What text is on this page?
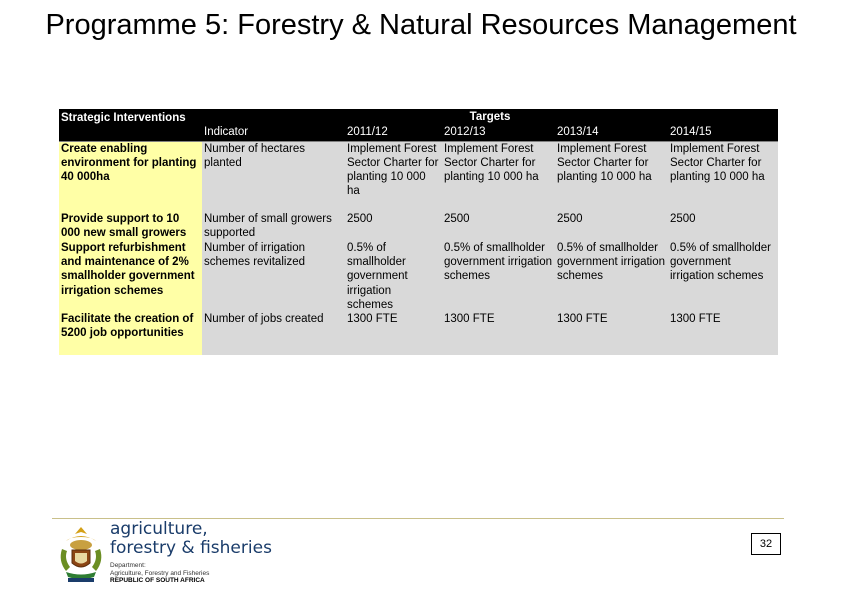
Programme 5: Forestry & Natural Resources Management
Strategic Interventions	Targets				
	Indicator	2011/12	2012/13	2013/14	2014/15
Create enabling environment for planting 40 000ha	Number of hectares planted	Implement Forest Sector Charter for planting 10 000 ha	Implement Forest Sector Charter for planting 10 000 ha	Implement Forest Sector Charter for planting 10 000 ha	Implement Forest Sector Charter for planting 10 000 ha
Provide support to 10 000 new small growers	Number of small growers supported	2500	2500	2500	2500
Support refurbishment and maintenance of 2% smallholder government irrigation schemes	Number of irrigation schemes revitalized	0.5% of smallholder government irrigation schemes	0.5% of smallholder government irrigation schemes	0.5% of smallholder government irrigation schemes	0.5% of smallholder government irrigation schemes
Facilitate the creation of 5200 job opportunities	Number of jobs created	1300 FTE	1300 FTE	1300 FTE	1300 FTE
agriculture,
forestry & fisheries
Department:
Agriculture, Forestry and Fisheries
REPUBLIC OF SOUTH AFRICA
32
